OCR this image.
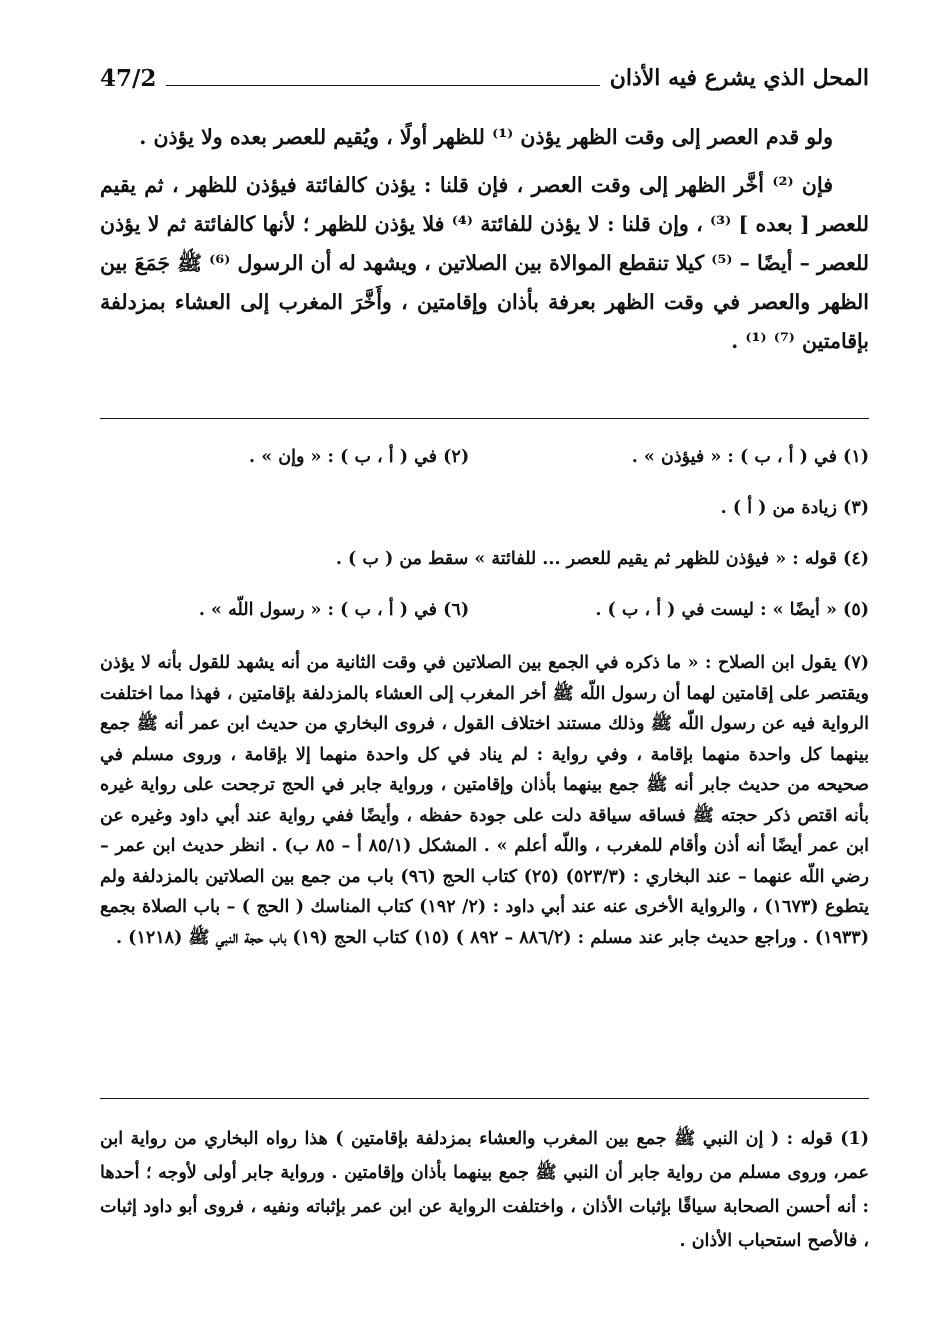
47/2	المحل الذي يشرع فيه الأذان

ولو قدم العصر إلى وقت الظهر يؤذن ⁽¹⁾ للظهر أولًا ، ويُقيم للعصر بعده ولا يؤذن .

فإن ⁽²⁾ أخَّر الظهر إلى وقت العصر ، فإن قلنا : يؤذن كالفائتة فيؤذن للظهر ، ثم يقيم للعصر [ بعده ] ⁽³⁾ ، وإن قلنا : لا يؤذن للفائتة ⁽⁴⁾ فلا يؤذن للظهر ؛ لأنها كالفائتة ثم لا يؤذن للعصر – أيضًا – ⁽⁵⁾ كيلا تنقطع الموالاة بين الصلاتين ، ويشهد له أن الرسول ⁽⁶⁾ ﷺ جَمَعَ بين الظهر والعصر في وقت الظهر بعرفة بأذان وإقامتين ، وأَخَّرَ المغرب إلى العشاء بمزدلفة بإقامتين ⁽⁷⁾ ⁽¹⁾ .

(١) في ( أ ، ب ) : « فيؤذن » .
(٢) في ( أ ، ب ) : « وإن » .
(٣) زيادة من ( أ ) .
(٤) قوله : « فيؤذن للظهر ثم يقيم للعصر ... للفائتة » سقط من ( ب ) .
(٥) « أيضًا » : ليست في ( أ ، ب ) .
(٦) في ( أ ، ب ) : « رسول اللّه » .
(٧) يقول ابن الصلاح : « ما ذكره في الجمع بين الصلاتين في وقت الثانية من أنه يشهد للقول بأنه لا يؤذن ويقتصر على إقامتين لهما أن رسول اللّه ﷺ أخر المغرب إلى العشاء بالمزدلفة بإقامتين ، فهذا مما اختلفت الرواية فيه عن رسول اللّه ﷺ وذلك مستند اختلاف القول ، فروى البخاري من حديث ابن عمر أنه ﷺ جمع بينهما كل واحدة منهما بإقامة ، وفي رواية : لم يناد في كل واحدة منهما إلا بإقامة ، وروى مسلم في صحيحه من حديث جابر أنه ﷺ جمع بينهما بأذان وإقامتين ، ورواية جابر في الحج ترجحت على رواية غيره بأنه اقتص ذكر حجته ﷺ فساقه سياقة دلت على جودة حفظه ، وأيضًا ففي رواية عند أبي داود وغيره عن ابن عمر أيضًا أنه أذن وأقام للمغرب ، واللّه أعلم » . المشكل (٨٥/١ أ – ٨٥ ب) . انظر حديث ابن عمر – رضي اللّه عنهما – عند البخاري : (٥٢٣/٣) (٢٥) كتاب الحج (٩٦) باب من جمع بين الصلاتين بالمزدلفة ولم يتطوع (١٦٧٣) ، والرواية الأخرى عنه عند أبي داود : (٢/ ١٩٢) كتاب المناسك ( الحج ) – باب الصلاة بجمع (١٩٣٣) . وراجع حديث جابر عند مسلم : (٨٨٦/٢ – ٨٩٢ ) (١٥) كتاب الحج (١٩) باب حجة النبي ﷺ (١٢١٨) .
(1) قوله : ( إن النبي ﷺ جمع بين المغرب والعشاء بمزدلفة بإقامتين ) هذا رواه البخاري من رواية ابن عمر، وروى مسلم من رواية جابر أن النبي ﷺ جمع بينهما بأذان وإقامتين . ورواية جابر أولى لأوجه ؛ أحدها : أنه أحسن الصحابة سياقًا بإثبات الأذان ، واختلفت الرواية عن ابن عمر بإثباته ونفيه ، فروى أبو داود إثبات ، فالأصح استحباب الأذان .
